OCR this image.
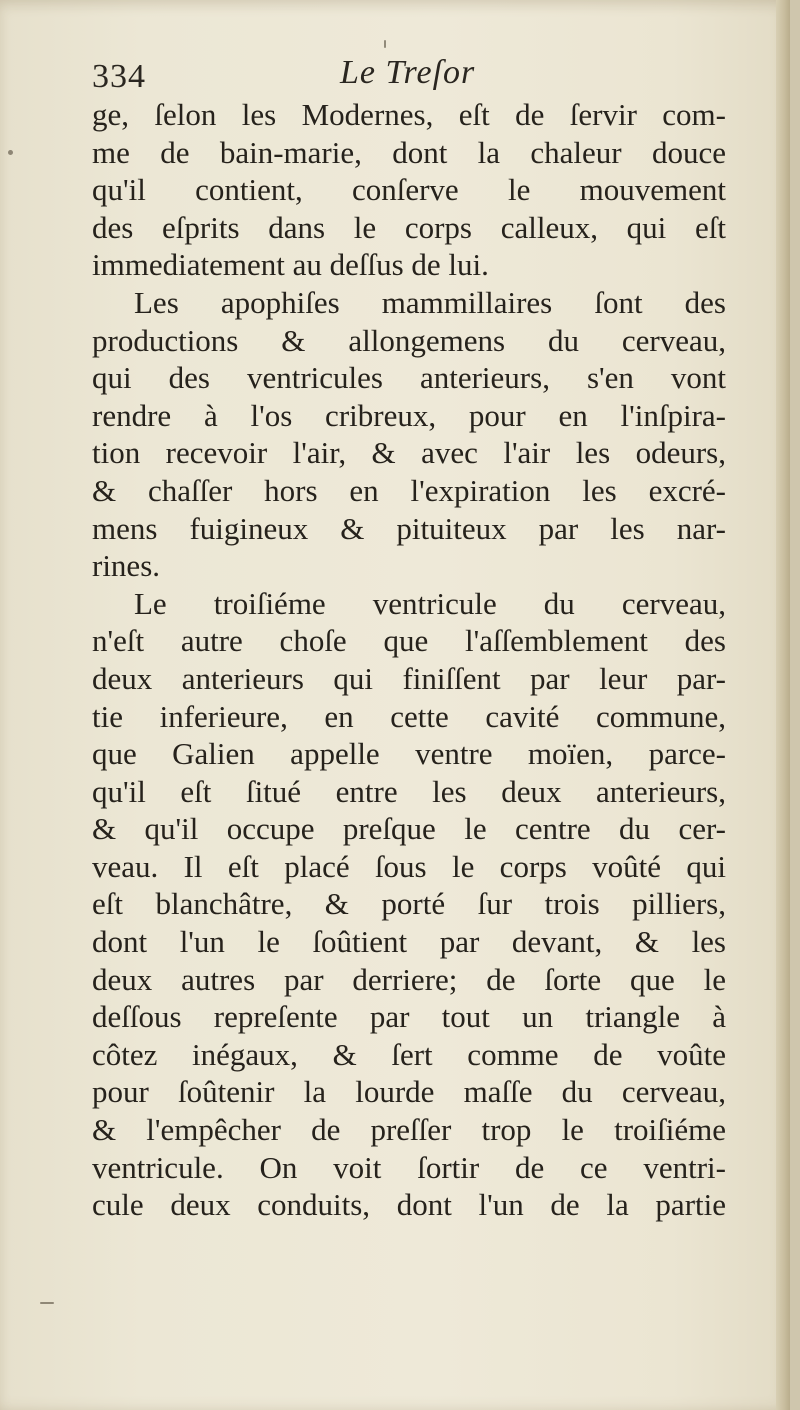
334	Le Treſor
ge, ſelon les Modernes, eſt de ſervir com-
me de bain-marie, dont la chaleur douce
qu'il contient, conſerve le mouvement
des eſprits dans le corps calleux, qui eſt
immediatement au deſſus de lui.
Les apophiſes mammillaires ſont des
productions & allongemens du cerveau,
qui des ventricules anterieurs, s'en vont
rendre à l'os cribreux, pour en l'inſpira-
tion recevoir l'air, & avec l'air les odeurs,
& chaſſer hors en l'expiration les excré-
mens fuigineux & pituiteux par les nar-
rines.
Le troiſiéme ventricule du cerveau,
n'eſt autre choſe que l'aſſemblement des
deux anterieurs qui finiſſent par leur par-
tie inferieure, en cette cavité commune,
que Galien appelle ventre moïen, parce-
qu'il eſt ſitué entre les deux anterieurs,
& qu'il occupe preſque le centre du cer-
veau. Il eſt placé ſous le corps voûté qui
eſt blanchâtre, & porté ſur trois pilliers,
dont l'un le ſoûtient par devant, & les
deux autres par derriere; de ſorte que le
deſſous repreſente par tout un triangle à
côtez inégaux, & ſert comme de voûte
pour ſoûtenir la lourde maſſe du cerveau,
& l'empêcher de preſſer trop le troiſiéme
ventricule. On voit ſortir de ce ventri-
cule deux conduits, dont l'un de la partie
